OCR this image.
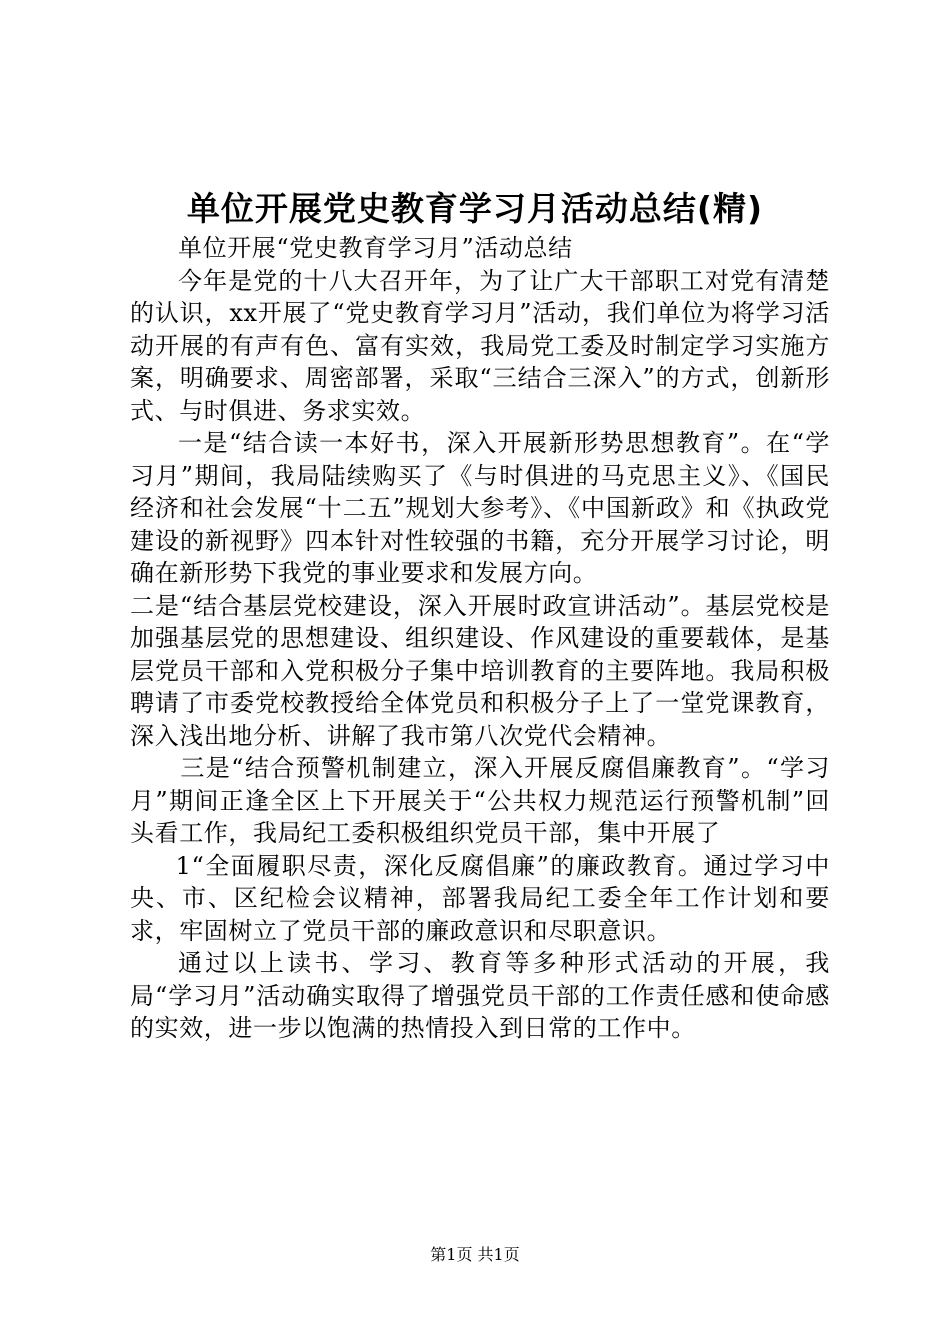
单位开展党史教育学习月活动总结(精)

单位开展“党史教育学习月”活动总结

今年是党的十八大召开年，为了让广大干部职工对党有清楚的认识，xx开展了“党史教育学习月”活动，我们单位为将学习活动开展的有声有色、富有实效，我局党工委及时制定学习实施方案，明确要求、周密部署，采取“三结合三深入”的方式，创新形式、与时俱进、务求实效。

一是“结合读一本好书，深入开展新形势思想教育”。在“学习月”期间，我局陆续购买了《与时俱进的马克思主义》、《国民经济和社会发展“十二五”规划大参考》、《中国新政》和《执政党建设的新视野》四本针对性较强的书籍，充分开展学习讨论，明确在新形势下我党的事业要求和发展方向。

二是“结合基层党校建设，深入开展时政宣讲活动”。基层党校是加强基层党的思想建设、组织建设、作风建设的重要载体，是基层党员干部和入党积极分子集中培训教育的主要阵地。我局积极聘请了市委党校教授给全体党员和积极分子上了一堂党课教育，深入浅出地分析、讲解了我市第八次党代会精神。

三是“结合预警机制建立，深入开展反腐倡廉教育”。“学习月”期间正逢全区上下开展关于“公共权力规范运行预警机制”回头看工作，我局纪工委积极组织党员干部，集中开展了

1“全面履职尽责，深化反腐倡廉”的廉政教育。通过学习中央、市、区纪检会议精神，部署我局纪工委全年工作计划和要求，牢固树立了党员干部的廉政意识和尽职意识。

通过以上读书、学习、教育等多种形式活动的开展，我局“学习月”活动确实取得了增强党员干部的工作责任感和使命感的实效，进一步以饱满的热情投入到日常的工作中。

第1页 共1页
